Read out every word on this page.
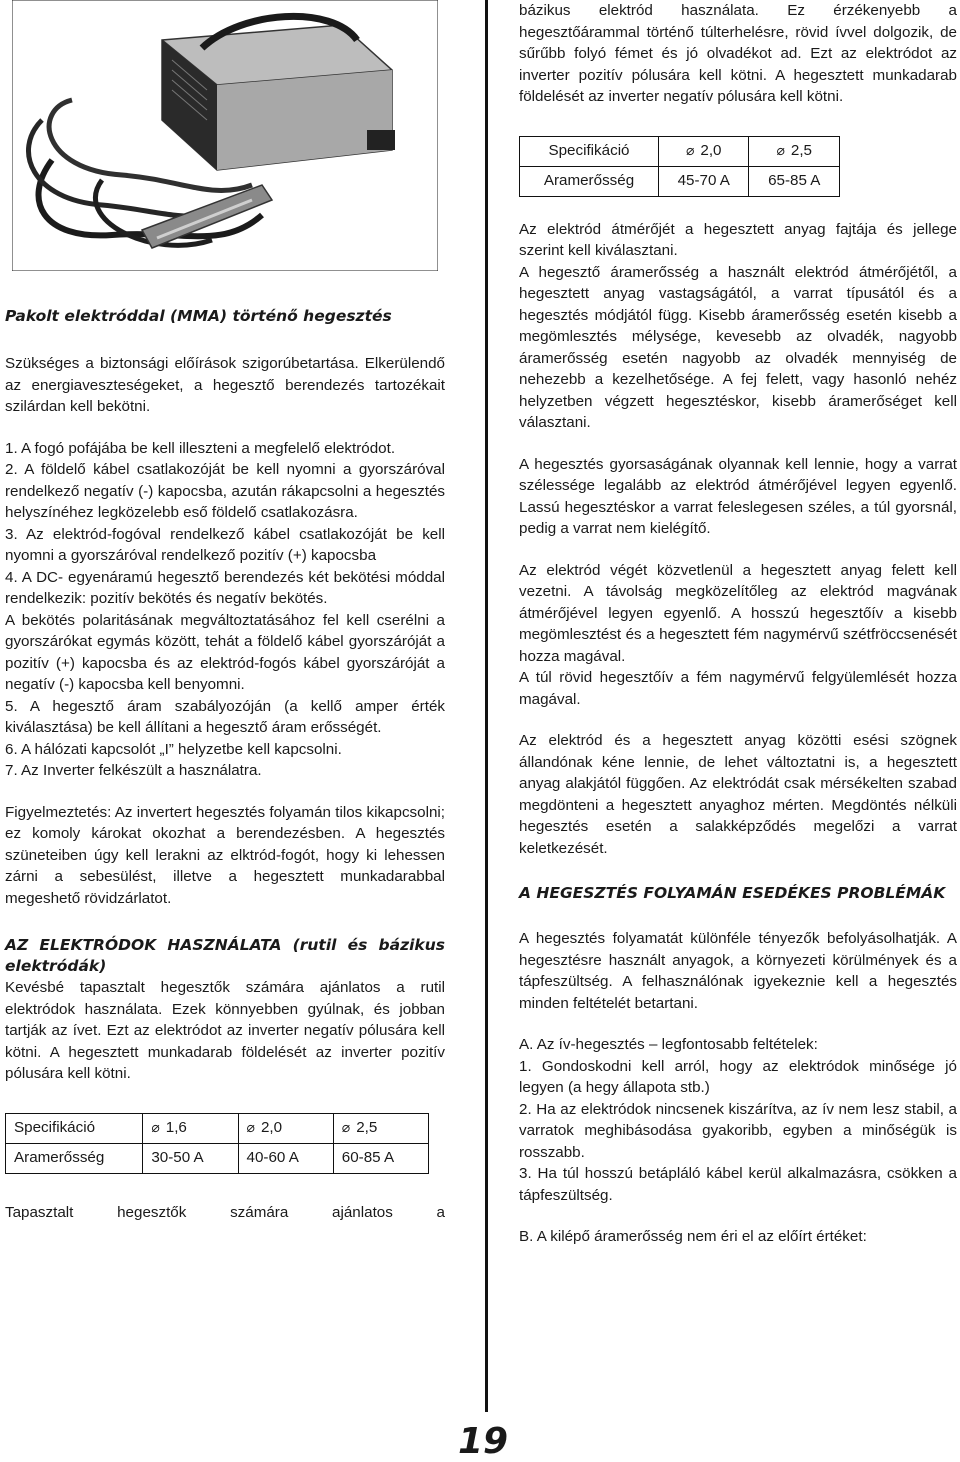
Pakolt elektróddal (MMA) történő hegesztés

Szükséges a biztonsági előírások szigorúbetartása. Elkerülendő az energiaveszteségeket, a hegesztő berendezés tartozékait szilárdan kell bekötni.

1. A fogó pofájába be kell illeszteni a megfelelő elektródot.

2. A földelő kábel csatlakozóját be kell nyomni a gyorszáróval rendelkező negatív (-) kapocsba, azután rákapcsolni a hegesztés helyszínéhez legközelebb eső földelő csatlakozásra.

3. Az elektród-fogóval rendelkező kábel csatlakozóját be kell nyomni a gyorszáróval rendelkező pozitív (+) kapocsba

4. A DC- egyenáramú hegesztő berendezés két bekötési móddal rendelkezik: pozitív bekötés és negatív bekötés.

A bekötés polaritásának megváltoztatásához fel kell cserélni a gyorszárókat egymás között, tehát a földelő kábel gyorszáróját a pozitív (+) kapocsba és az elektród-fogós kábel gyorszáróját a negatív (-) kapocsba kell benyomni.

5. A hegesztő áram szabályozóján (a kellő amper érték kiválasztása) be kell állítani a hegesztő áram erősségét.

6. A hálózati kapcsolót „I” helyzetbe kell kapcsolni.

7. Az Inverter felkészült a használatra.

Figyelmeztetés: Az invertert hegesztés folyamán tilos kikapcsolni; ez komoly károkat okozhat a berendezésben. A hegesztés szüneteiben úgy kell lerakni az elktród-fogót, hogy ki lehessen zárni a sebesülést, illetve a hegesztett munkadarabbal megeshető rövidzárlatot.

AZ ELEKTRÓDOK HASZNÁLATA (rutil és bázikus elektródák)

Kevésbé tapasztalt hegesztők számára ajánlatos a rutil elektródok használata. Ezek könnyebben gyúlnak, és jobban tartják az ívet. Ezt az elektródot az inverter negatív pólusára kell kötni. A hegesztett munkadarab földelését az inverter pozitív pólusára kell kötni.

Specifikáció	⌀ 1,6	⌀ 2,0	⌀ 2,5
Aramerősség	30-50 A	40-60 A	60-85 A

Tapasztalt hegesztők számára ajánlatos a

bázikus elektród használata. Ez érzékenyebb a hegesztőárammal történő túlterhelésre, rövid ívvel dolgozik, de sűrűbb folyó fémet és jó olvadékot ad. Ezt az elektródot az inverter pozitív pólusára kell kötni. A hegesztett munkadarab földelését az inverter negatív pólusára kell kötni.

Specifikáció	⌀ 2,0	⌀ 2,5
Aramerősség	45-70 A	65-85 A

Az elektród átmérőjét a hegesztett anyag fajtája és jellege szerint kell kiválasztani.

A hegesztő áramerősség a használt elektród átmérőjétől, a hegesztett anyag vastagságától, a varrat típusától és a hegesztés módjától függ. Kisebb áramerősség esetén kisebb a megömlesztés mélysége, kevesebb az olvadék, nagyobb áramerősség esetén nagyobb az olvadék mennyiség de nehezebb a kezelhetősége. A fej felett, vagy hasonló nehéz helyzetben végzett hegesztéskor, kisebb áramerőséget kell választani.

A hegesztés gyorsaságának olyannak kell lennie, hogy a varrat szélessége legalább az elektród átmérőjével legyen egyenlő. Lassú hegesztéskor a varrat feleslegesen széles, a túl gyorsnál, pedig a varrat nem kielégítő.

Az elektród végét közvetlenül a hegesztett anyag felett kell vezetni. A távolság megközelítőleg az elektród magvának átmérőjével legyen egyenlő. A hosszú hegesztőív a kisebb megömlesztést és a hegesztett fém nagymérvű szétfröccsenését hozza magával.

A túl rövid hegesztőív a fém nagymérvű felgyülemlését hozza magával.

Az elektród és a hegesztett anyag közötti esési szögnek állandónak kéne lennie, de lehet változtatni is, a hegesztett anyag alakjától függően. Az elektródát csak mérsékelten szabad megdönteni a hegesztett anyaghoz mérten. Megdöntés nélküli hegesztés esetén a salakképződés megelőzi a varrat keletkezését.

A HEGESZTÉS FOLYAMÁN ESEDÉKES PROBLÉMÁK

A hegesztés folyamatát különféle tényezők befolyásolhatják. A hegesztésre használt anyagok, a környezeti körülmények és a tápfeszültség. A felhasználónak igyekeznie kell a hegesztés minden feltételét betartani.

A. Az ív-hegesztés – legfontosabb feltételek:

1. Gondoskodni kell arról, hogy az elektródok minősége jó legyen (a hegy állapota stb.)

2. Ha az elektródok nincsenek kiszárítva, az ív nem lesz stabil, a varratok meghibásodása gyakoribb, egyben a minőségük is rosszabb.

3. Ha túl hosszú betápláló kábel kerül alkalmazásra, csökken a tápfeszültség.

B. A kilépő áramerősség nem éri el az előírt értéket:

19
